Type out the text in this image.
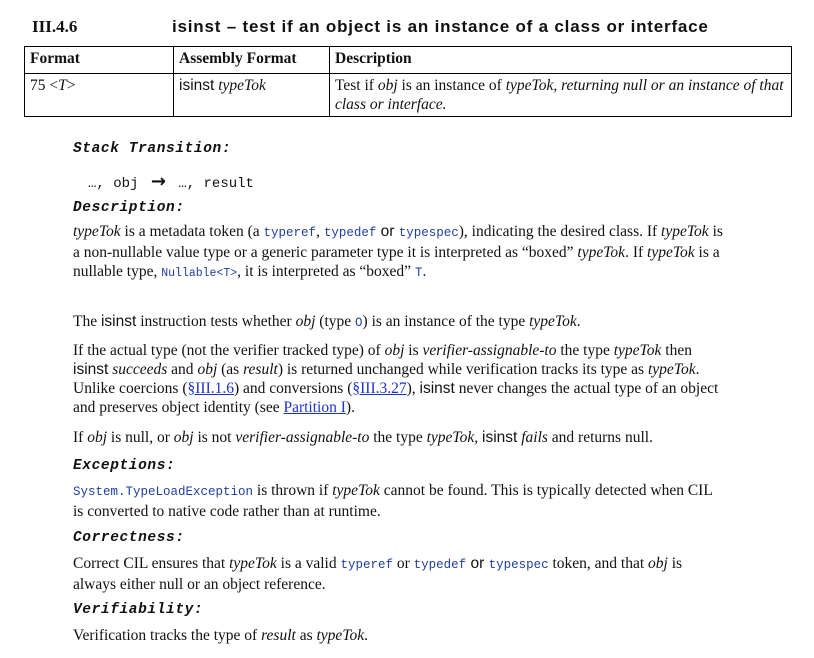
III.4.6	isinst – test if an object is an instance of a class or interface
Format	Assembly Format	Description
75 <T>	isinst typeTok	Test if obj is an instance of typeTok, returning null or an instance of that class or interface.
Stack Transition:
…, obj → …, result
Description:
typeTok is a metadata token (a typeref, typedef or typespec), indicating the desired class. If typeTok is a non-nullable value type or a generic parameter type it is interpreted as “boxed” typeTok. If typeTok is a nullable type, Nullable<T>, it is interpreted as “boxed” T.
The isinst instruction tests whether obj (type O) is an instance of the type typeTok.
If the actual type (not the verifier tracked type) of obj is verifier-assignable-to the type typeTok then isinst succeeds and obj (as result) is returned unchanged while verification tracks its type as typeTok. Unlike coercions (§III.1.6) and conversions (§III.3.27), isinst never changes the actual type of an object and preserves object identity (see Partition I).
If obj is null, or obj is not verifier-assignable-to the type typeTok, isinst fails and returns null.
Exceptions:
System.TypeLoadException is thrown if typeTok cannot be found. This is typically detected when CIL is converted to native code rather than at runtime.
Correctness:
Correct CIL ensures that typeTok is a valid typeref or typedef or typespec token, and that obj is always either null or an object reference.
Verifiability:
Verification tracks the type of result as typeTok.
